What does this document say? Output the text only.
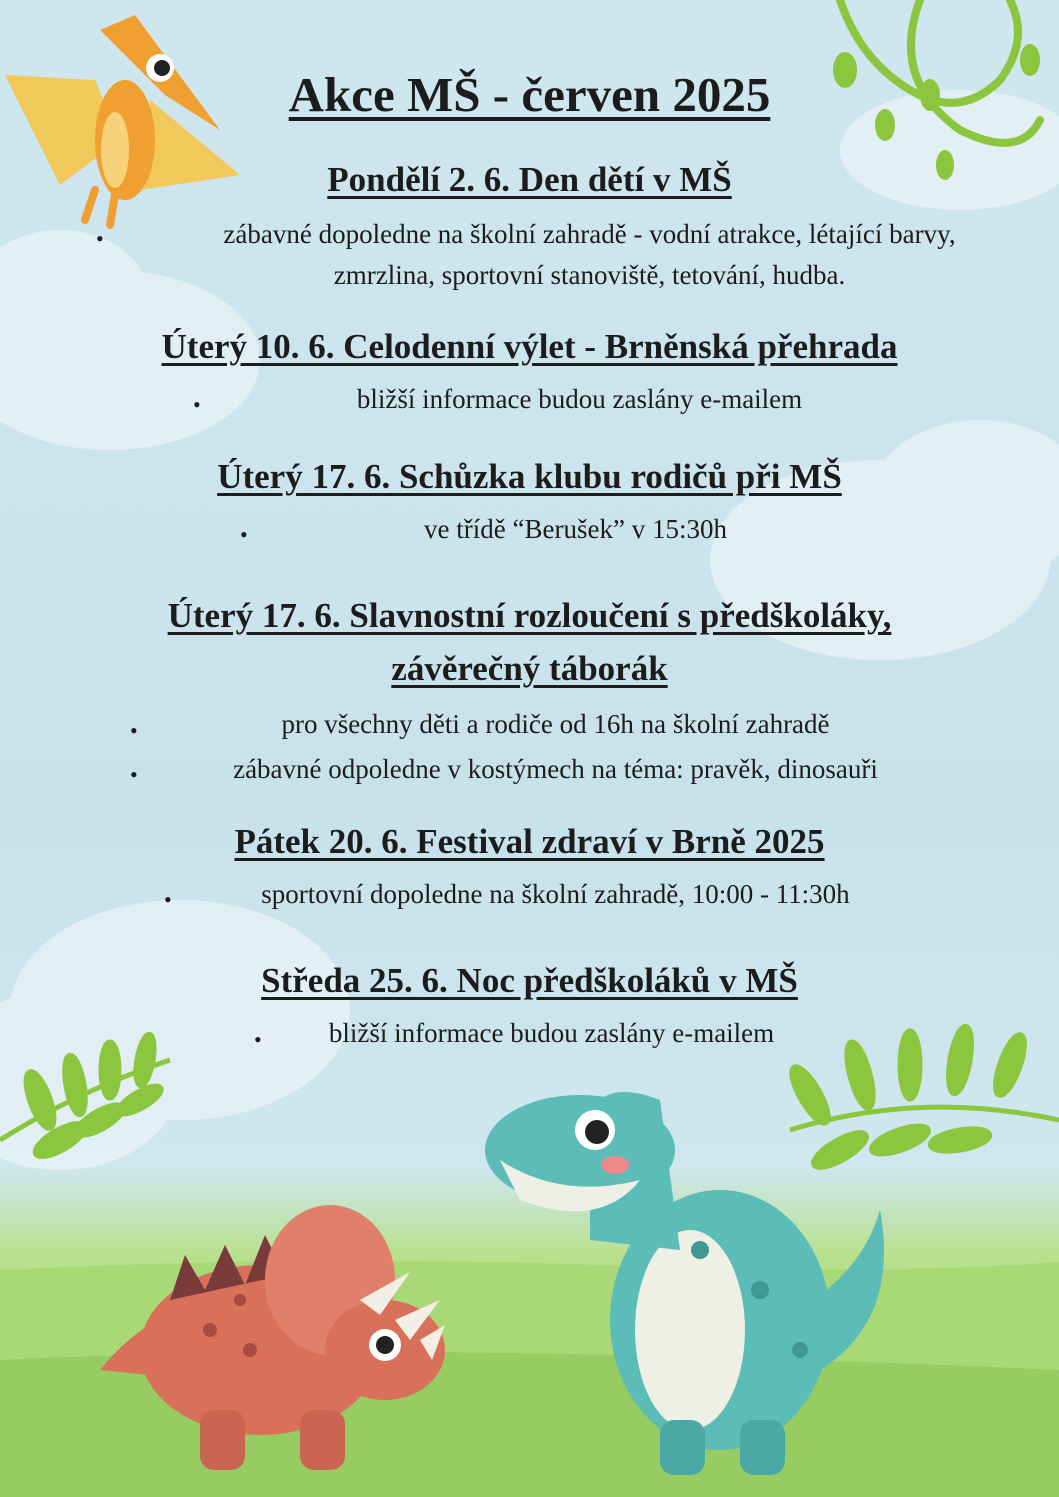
Akce MŠ - červen 2025
Pondělí 2. 6. Den dětí v MŠ
•	zábavné dopoledne na školní zahradě - vodní atrakce, létající barvy,
zmrzlina, sportovní stanoviště, tetování, hudba.
Úterý 10. 6. Celodenní výlet - Brněnská přehrada
•	bližší informace budou zaslány e-mailem
Úterý 17. 6. Schůzka klubu rodičů při MŠ
•	ve třídě “Berušek” v 15:30h
Úterý 17. 6. Slavnostní rozloučení s předškoláky,
závěrečný táborák
•	pro všechny děti a rodiče od 16h na školní zahradě
•	zábavné odpoledne v kostýmech na téma: pravěk, dinosauři
Pátek 20. 6. Festival zdraví v Brně 2025
•	sportovní dopoledne na školní zahradě, 10:00 - 11:30h
Středa 25. 6. Noc předškoláků v MŠ
•	bližší informace budou zaslány e-mailem
